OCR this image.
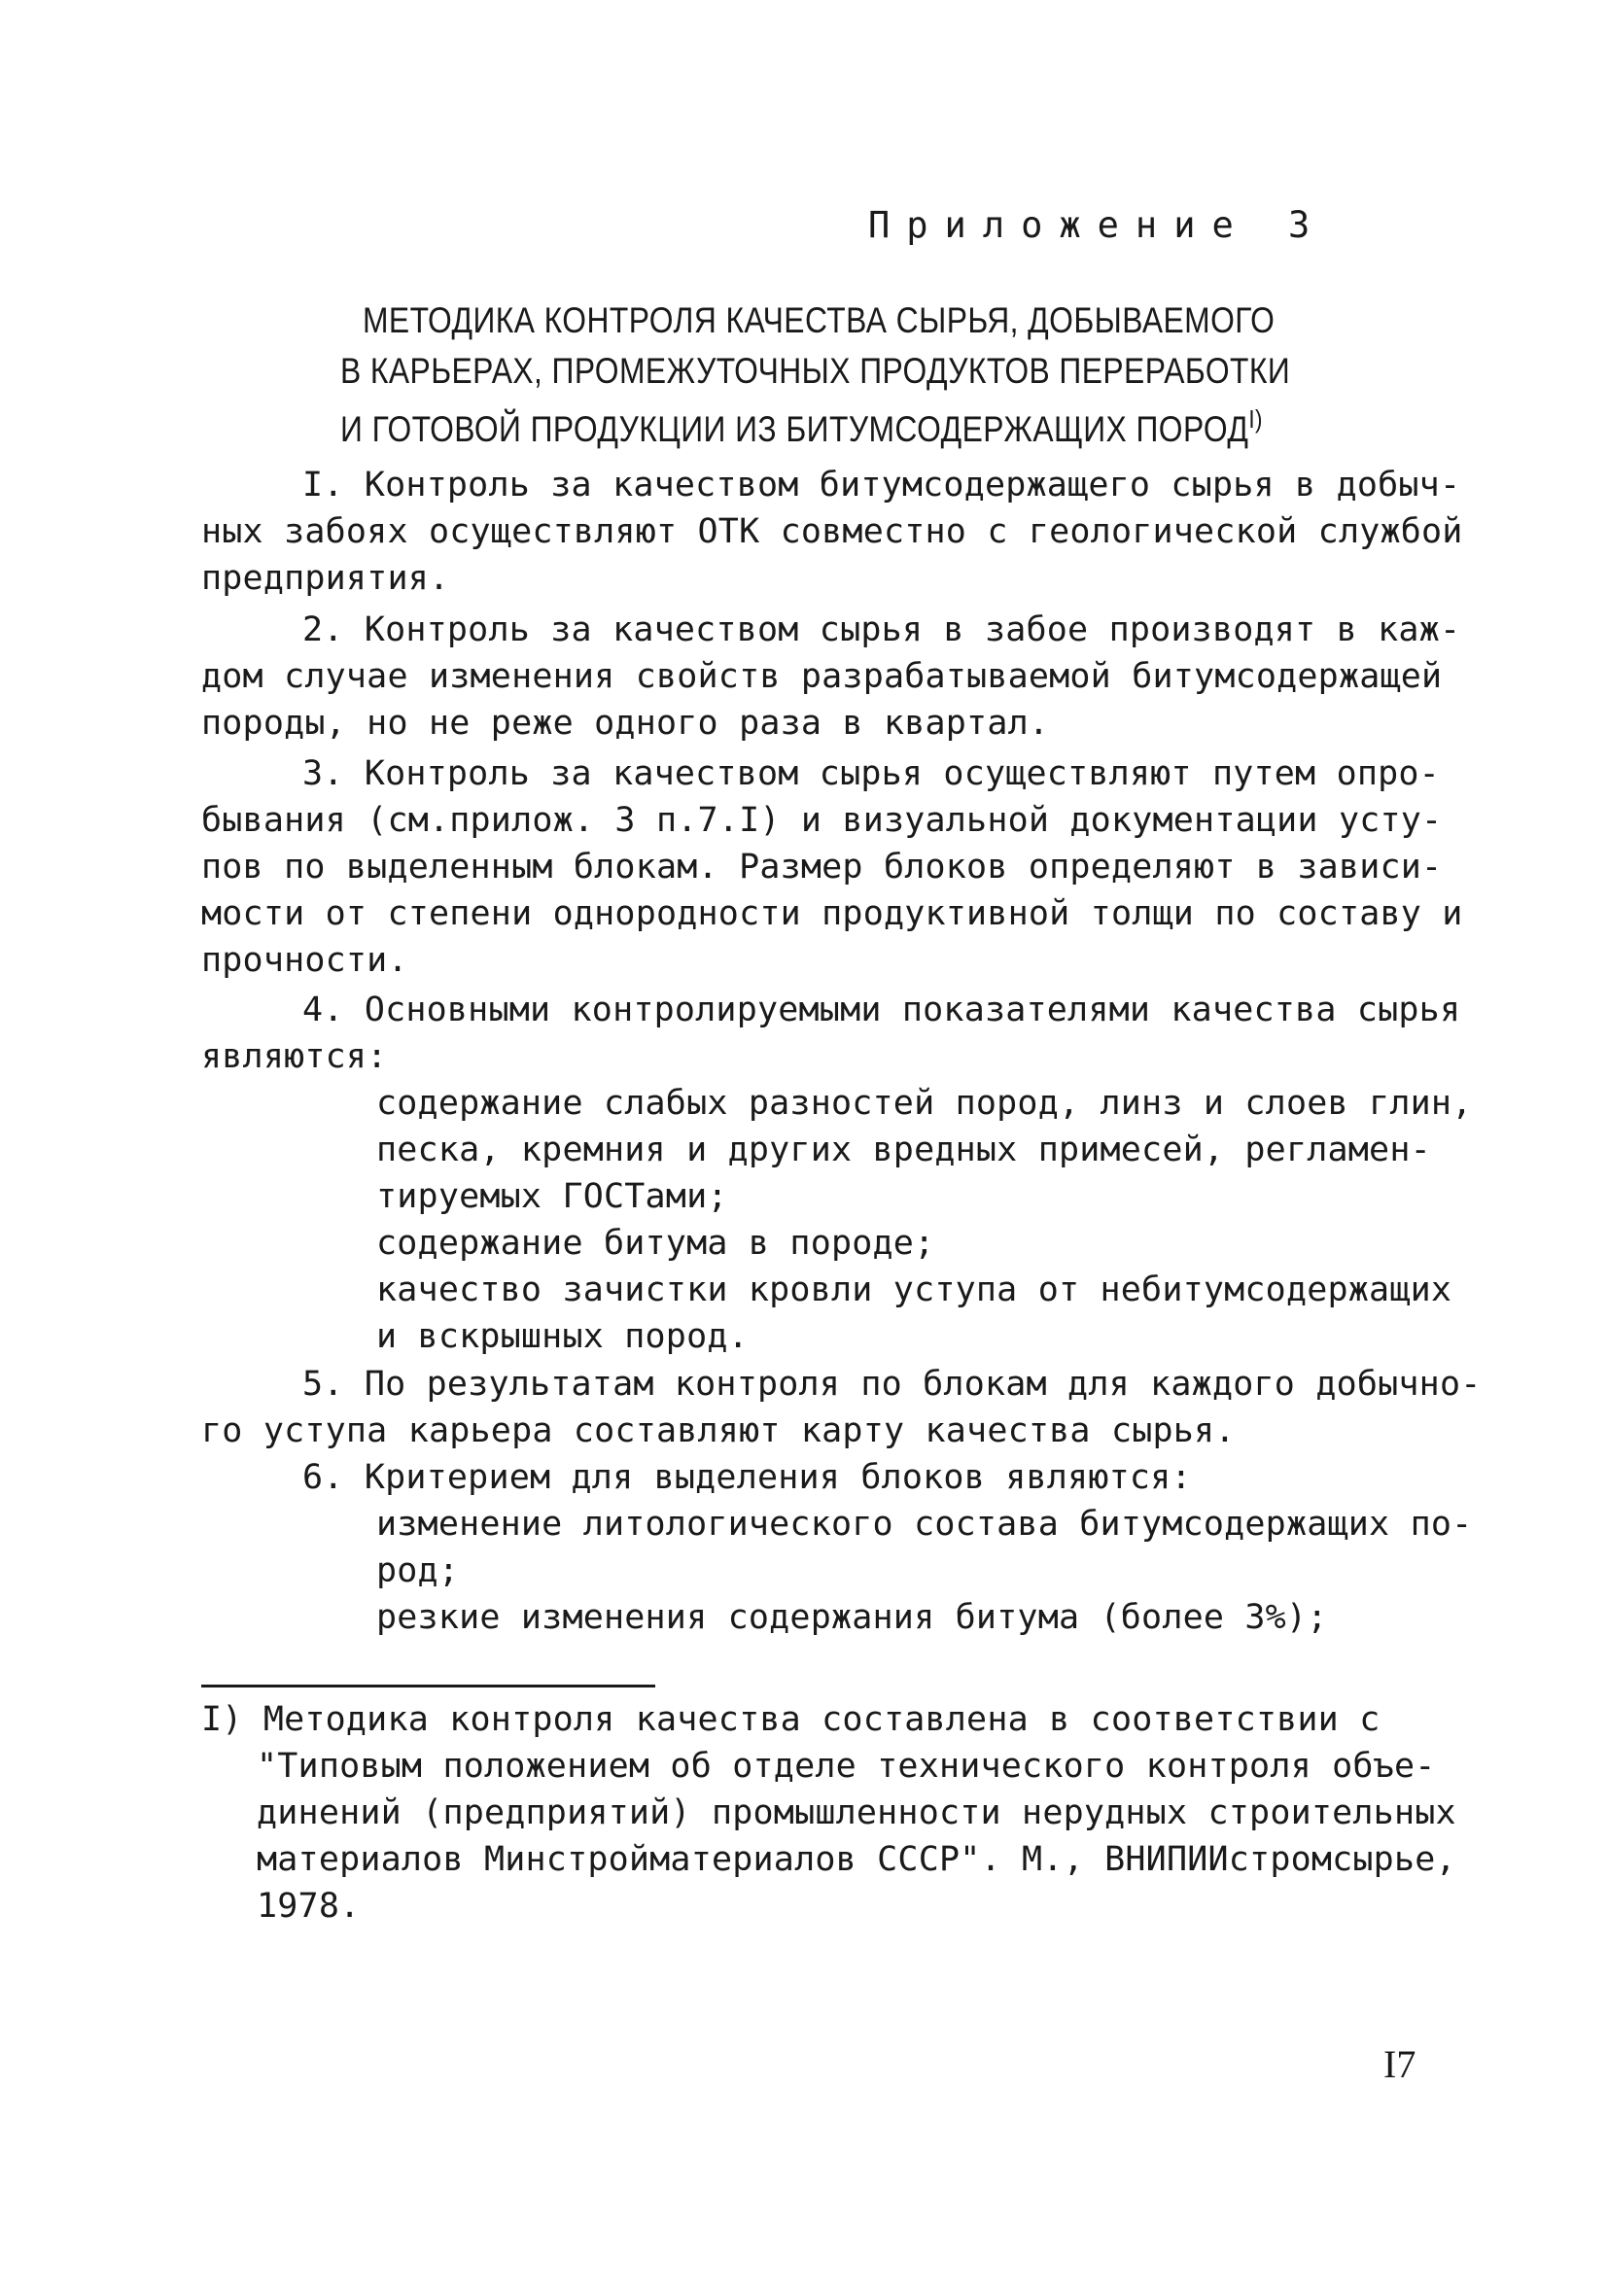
Приложение 3
МЕТОДИКА КОНТРОЛЯ КАЧЕСТВА СЫРЬЯ, ДОБЫВАЕМОГО
В КАРЬЕРАХ, ПРОМЕЖУТОЧНЫХ ПРОДУКТОВ ПЕРЕРАБОТКИ
И ГОТОВОЙ ПРОДУКЦИИ ИЗ БИТУМСОДЕРЖАЩИХ $ПОРОД^{I)}$
I. Контроль за качеством битумсодержащего сырья в добыч-
ных забоях осуществляют ОТК совместно с геологической службой
предприятия.
2. Контроль за качеством сырья в забое производят в каж-
дом случае изменения свойств разрабатываемой битумсодержащей
породы, но не реже одного раза в квартал.
3. Контроль за качеством сырья осуществляют путем опро-
бывания (см.прилож. 3 п.7.I) и визуальной документации усту-
пов по выделенным блокам. Размер блоков определяют в зависи-
мости от степени однородности продуктивной толщи по составу и
прочности.
4. Основными контролируемыми показателями качества сырья
являются:
содержание слабых разностей пород, линз и слоев глин,
песка, кремния и других вредных примесей, регламен-
тируемых ГОСТами;
содержание битума в породе;
качество зачистки кровли уступа от небитумсодержащих
и вскрышных пород.
5. По результатам контроля по блокам для каждого добычно-
го уступа карьера составляют карту качества сырья.
6. Критерием для выделения блоков являются:
изменение литологического состава битумсодержащих по-
род;
резкие изменения содержания битума (более 3%);
I) Методика контроля качества составлена в соответствии с
"Типовым положением об отделе технического контроля объе-
динений (предприятий) промышленности нерудных строительных
материалов Минстройматериалов СССР". М., ВНИПИИстромсырье,
1978.
I7
